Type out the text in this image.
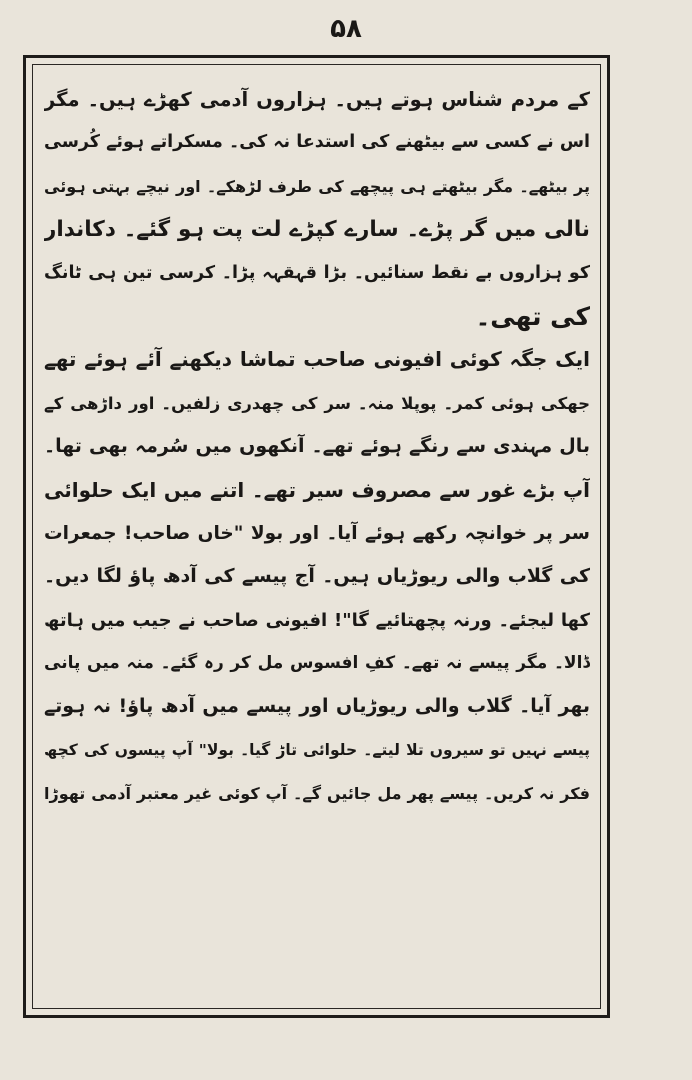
۵۸
کے مردم شناس ہوتے ہیں۔ ہزاروں آدمی کھڑے ہیں۔ مگر
اس نے کسی سے بیٹھنے کی استدعا نہ کی۔ مسکراتے ہوئے کُرسی
پر بیٹھے۔ مگر بیٹھتے ہی پیچھے کی طرف لڑھکے۔ اور نیچے بہتی ہوئی
نالی میں گر پڑے۔ سارے کپڑے لت پت ہو گئے۔ دکاندار
کو ہزاروں بے نقط سنائیں۔ بڑا قہقہہ پڑا۔ کرسی تین ہی ٹانگ
کی تھی۔
ایک جگہ کوئی افیونی صاحب تماشا دیکھنے آئے ہوئے تھے
جھکی ہوئی کمر۔ پوپلا منہ۔ سر کی چھدری زلفیں۔ اور داڑھی کے
بال مہندی سے رنگے ہوئے تھے۔ آنکھوں میں سُرمہ بھی تھا۔
آپ بڑے غور سے مصروف سیر تھے۔ اتنے میں ایک حلوائی
سر پر خوانچہ رکھے ہوئے آیا۔ اور بولا "خاں صاحب! جمعرات
کی گلاب والی ریوڑیاں ہیں۔ آج پیسے کی آدھ پاؤ لگا دیں۔
کھا لیجئے۔ ورنہ پچھتائیے گا"! افیونی صاحب نے جیب میں ہاتھ
ڈالا۔ مگر پیسے نہ تھے۔ کفِ افسوس مل کر رہ گئے۔ منہ میں پانی
بھر آیا۔ گلاب والی ریوڑیاں اور پیسے میں آدھ پاؤ! نہ ہوتے
پیسے نہیں تو سیروں تلا لیتے۔ حلوائی تاڑ گیا۔ بولا" آپ پیسوں کی کچھ
فکر نہ کریں۔ پیسے پھر مل جائیں گے۔ آپ کوئی غیر معتبر آدمی تھوڑا
